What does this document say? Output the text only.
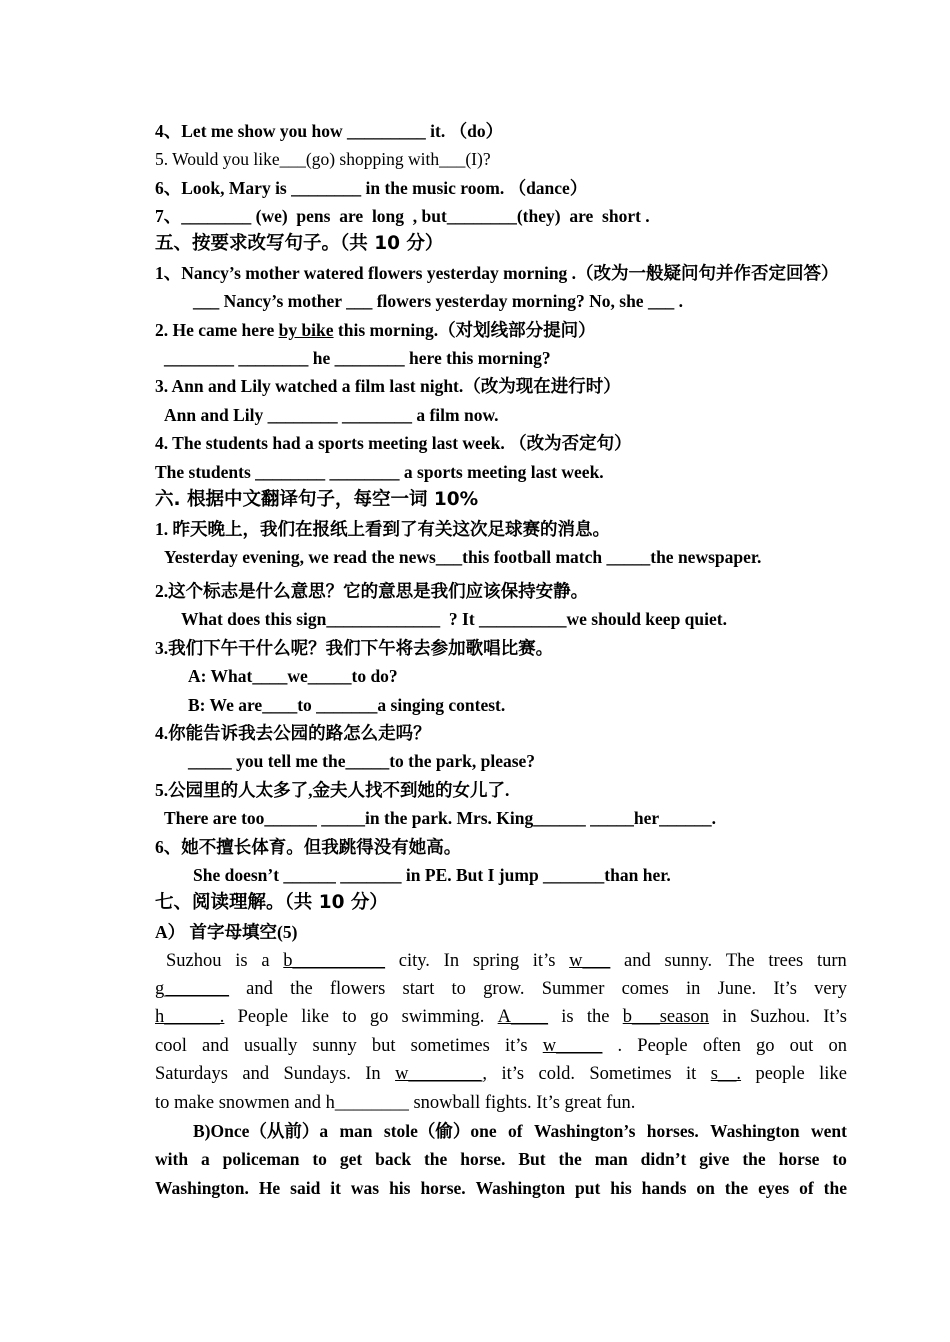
4、Let me show you how _________ it. （do）
5. Would you like___(go) shopping with___(I)?
6、Look, Mary is ________ in the music room. （dance）
7、________ (we)  pens  are  long  , but________(they)  are  short .
五、按要求改写句子。（共 10 分）
1、Nancy’s mother watered flowers yesterday morning .（改为一般疑问句并作否定回答）
___ Nancy’s mother ___ flowers yesterday morning? No, she ___ .
2. He came here by bike this morning.（对划线部分提问）
________ ________ he ________ here this morning?
3. Ann and Lily watched a film last night.（改为现在进行时）
Ann and Lily ________ ________ a film now.
4. The students had a sports meeting last week. （改为否定句）
The students ________ ________ a sports meeting last week.
六. 根据中文翻译句子，每空一词 10%
1. 昨天晚上，我们在报纸上看到了有关这次足球赛的消息。
Yesterday evening, we read the news___this football match _____the newspaper.
2.这个标志是什么意思？它的意思是我们应该保持安静。
What does this sign_____________  ? It __________we should keep quiet.
3.我们下午干什么呢？我们下午将去参加歌唱比赛。
A: What____we_____to do?
B: We are____to _______a singing contest.
4.你能告诉我去公园的路怎么走吗？
_____ you tell me the_____to the park, please?
5.公园里的人太多了,金夫人找不到她的女儿了.
There are too______ _____in the park. Mrs. King______ _____her______.
6、她不擅长体育。但我跳得没有她高。
She doesn’t ______ _______ in PE. But I jump _______than her.
七、阅读理解。（共 10 分）
A） 首字母填空(5)
Suzhou is a b__________ city. In spring it’s w___ and sunny. The trees turn
g_______ and the flowers start to grow. Summer comes in June. It’s very
h______. People like to go swimming. A____ is the b___season in Suzhou. It’s
cool and usually sunny but sometimes it’s w_____ . People often go out on
Saturdays and Sundays. In w________, it’s cold. Sometimes it s__. people like
to make snowmen and h________ snowball fights. It’s great fun.
B)Once（从前）a man stole（偷）one of Washington’s horses. Washington went
with a policeman to get back the horse. But the man didn’t give the horse to
Washington. He said it was his horse. Washington put his hands on the eyes of the
